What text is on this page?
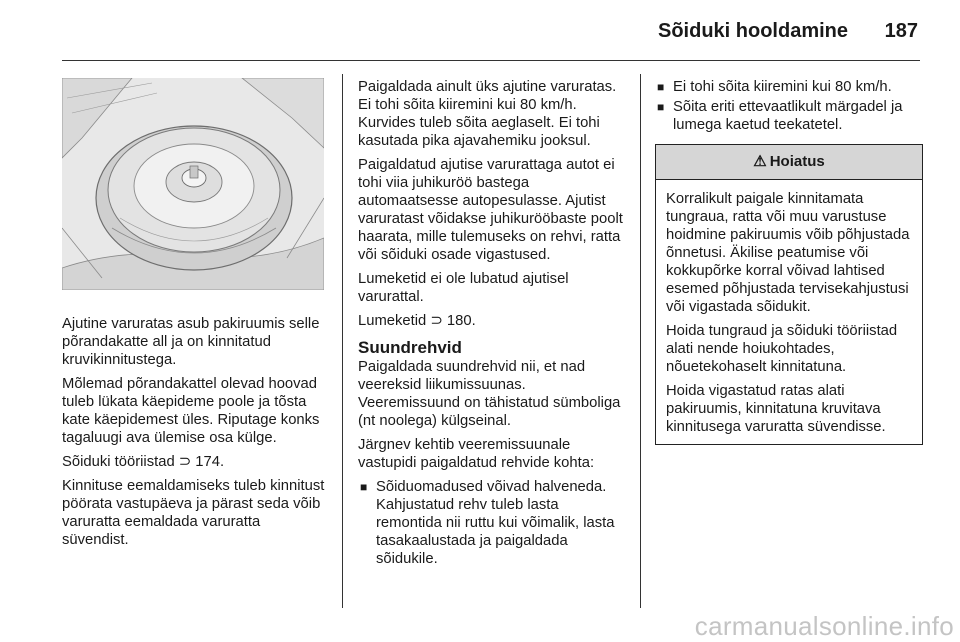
Sõiduki hooldamine 187

Ajutine varuratas asub pakiruumis selle põrandakatte all ja on kinnitatud kruvikinnitustega.

Mõlemad põrandakattel olevad hoovad tuleb lükata käepideme poole ja tõsta kate käepidemest üles. Riputage konks tagaluugi ava ülemise osa külge.

Sõiduki tööriistad ⊃ 174.

Kinnituse eemaldamiseks tuleb kinnitust pöörata vastupäeva ja pärast seda võib varuratta eemaldada varuratta süvendist.

Paigaldada ainult üks ajutine varuratas. Ei tohi sõita kiiremini kui 80 km/h. Kurvides tuleb sõita aeglaselt. Ei tohi kasutada pika ajavahemiku jooksul.

Paigaldatud ajutise varurattaga autot ei tohi viia juhikuröö bastega automaatsesse autopesulasse. Ajutist varuratast võidakse juhikurööbaste poolt haarata, mille tulemuseks on rehvi, ratta või sõiduki osade vigastused.

Lumeketid ei ole lubatud ajutisel varurattal.

Lumeketid ⊃ 180.

Suundrehvid

Paigaldada suundrehvid nii, et nad veereksid liikumissuunas. Veeremissuund on tähistatud sümboliga (nt noolega) külgseinal.

Järgnev kehtib veeremissuunale vastupidi paigaldatud rehvide kohta:

■ Sõiduomadused võivad halveneda. Kahjustatud rehv tuleb lasta remontida nii ruttu kui võimalik, lasta tasakaalustada ja paigaldada sõidukile.
■ Ei tohi sõita kiiremini kui 80 km/h.
■ Sõita eriti ettevaatlikult märgadel ja lumega kaetud teekatetel.
⚠ Hoiatus

Korralikult paigale kinnitamata tungraua, ratta või muu varustuse hoidmine pakiruumis võib põhjustada õnnetusi. Äkilise peatumise või kokkupõrke korral võivad lahtised esemed põhjustada tervisekahjustusi või vigastada sõidukit.

Hoida tungraud ja sõiduki tööriistad alati nende hoiukohtades, nõuetekohaselt kinnitatuna.

Hoida vigastatud ratas alati pakiruumis, kinnitatuna kruvitava kinnitusega varuratta süvendisse.

carmanualsonline.info
